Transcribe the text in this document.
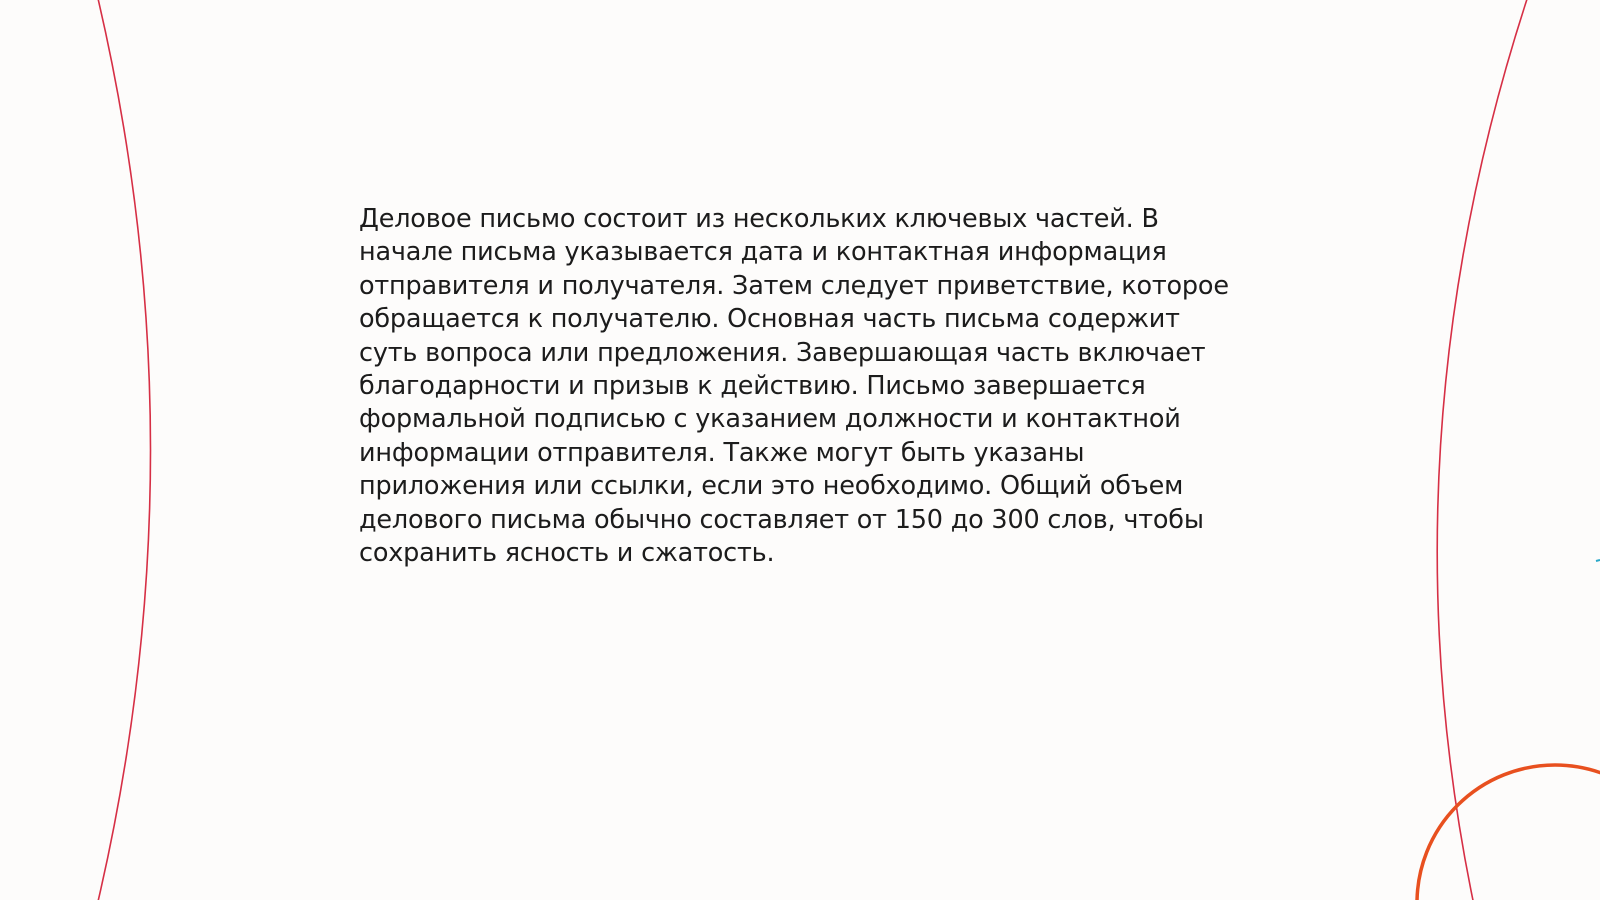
Деловое письмо состоит из нескольких ключевых частей. В
начале письма указывается дата и контактная информация
отправителя и получателя. Затем следует приветствие, которое
обращается к получателю. Основная часть письма содержит
суть вопроса или предложения. Завершающая часть включает
благодарности и призыв к действию. Письмо завершается
формальной подписью с указанием должности и контактной
информации отправителя. Также могут быть указаны
приложения или ссылки, если это необходимо. Общий объем
делового письма обычно составляет от 150 до 300 слов, чтобы
сохранить ясность и сжатость.
